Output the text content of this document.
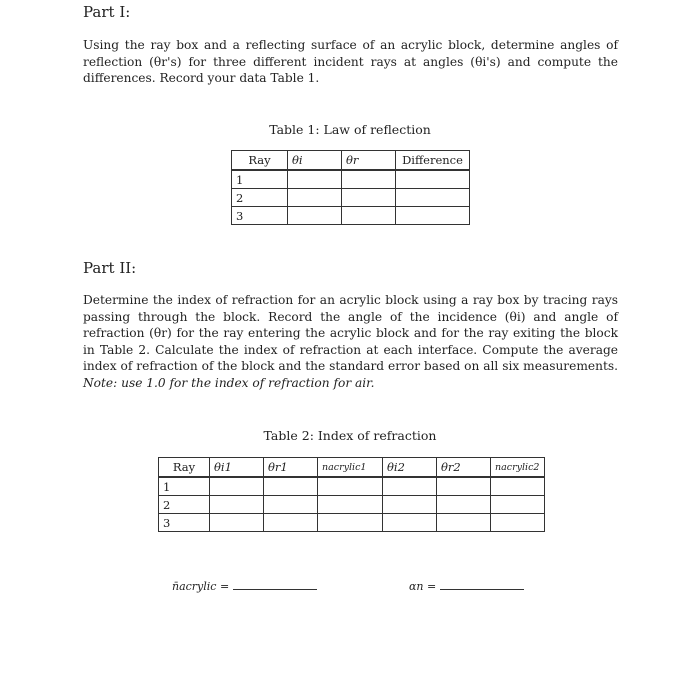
Part I:
Using the ray box and a reflecting surface of an acrylic block, determine angles of reflection (θr's) for three different incident rays at angles (θi's) and compute the differences. Record your data Table 1.
Table 1: Law of reflection
Ray	θi	θr	Difference
1			
2			
3			
Part II:
Determine the index of refraction for an acrylic block using a ray box by tracing rays passing through the block. Record the angle of the incidence (θi) and angle of refraction (θr) for the ray entering the acrylic block and for the ray exiting the block in Table 2. Calculate the index of refraction at each interface. Compute the average index of refraction of the block and the standard error based on all six measurements. Note: use 1.0 for the index of refraction for air.
Table 2: Index of refraction
Ray	θi1	θr1	nacrylic1	θi2	θr2	nacrylic2
1						
2						
3						
n̄acrylic =	αn =
